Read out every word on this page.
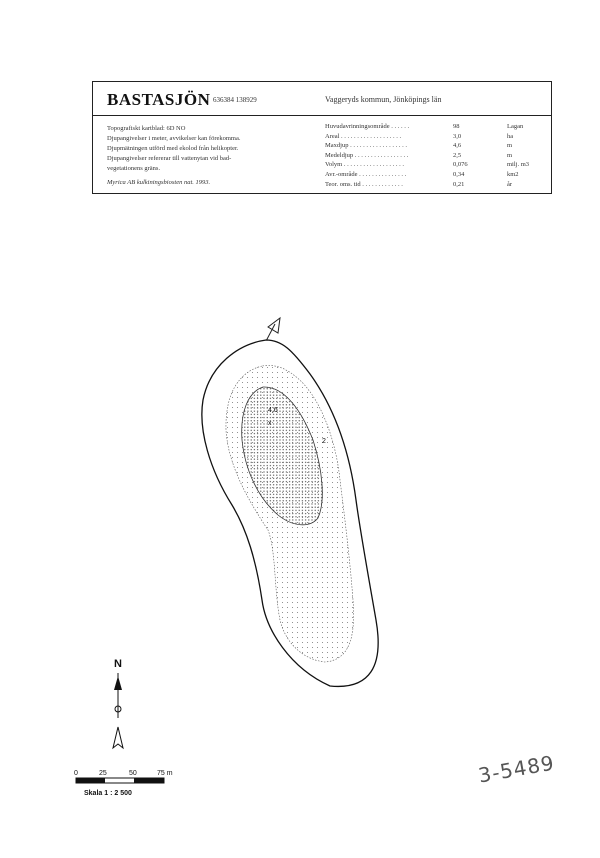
BASTASJÖN 636384 138929	Vaggeryds kommun, Jönköpings län
Topografiskt kartblad: 6D NO
Djupangivelser i meter, avvikelser kan förekomma.
Djupmätningen utförd med ekolod från helikopter.
Djupangivelser refererar till vattenytan vid bad-
vegetationens gräns.
Myrica AB kulkiningsbiosten nat. 1993.
Huvudavrinningsområde . . . . . .	98	Lagan
Areal . . . . . . . . . . . . . . . . . . .	3,0	ha
Maxdjup . . . . . . . . . . . . . . . . . .	4,6	m
Medeldjup . . . . . . . . . . . . . . . . .	2,5	m
Volym . . . . . . . . . . . . . . . . . . .	0,076	milj. m3
Avr.-område . . . . . . . . . . . . . . .	0,34	km2
Teor. oms. tid . . . . . . . . . . . . .	0,21	år
4,6
x
2
N
0	25	50	75 m
Skala 1 : 2 500
3-5489
